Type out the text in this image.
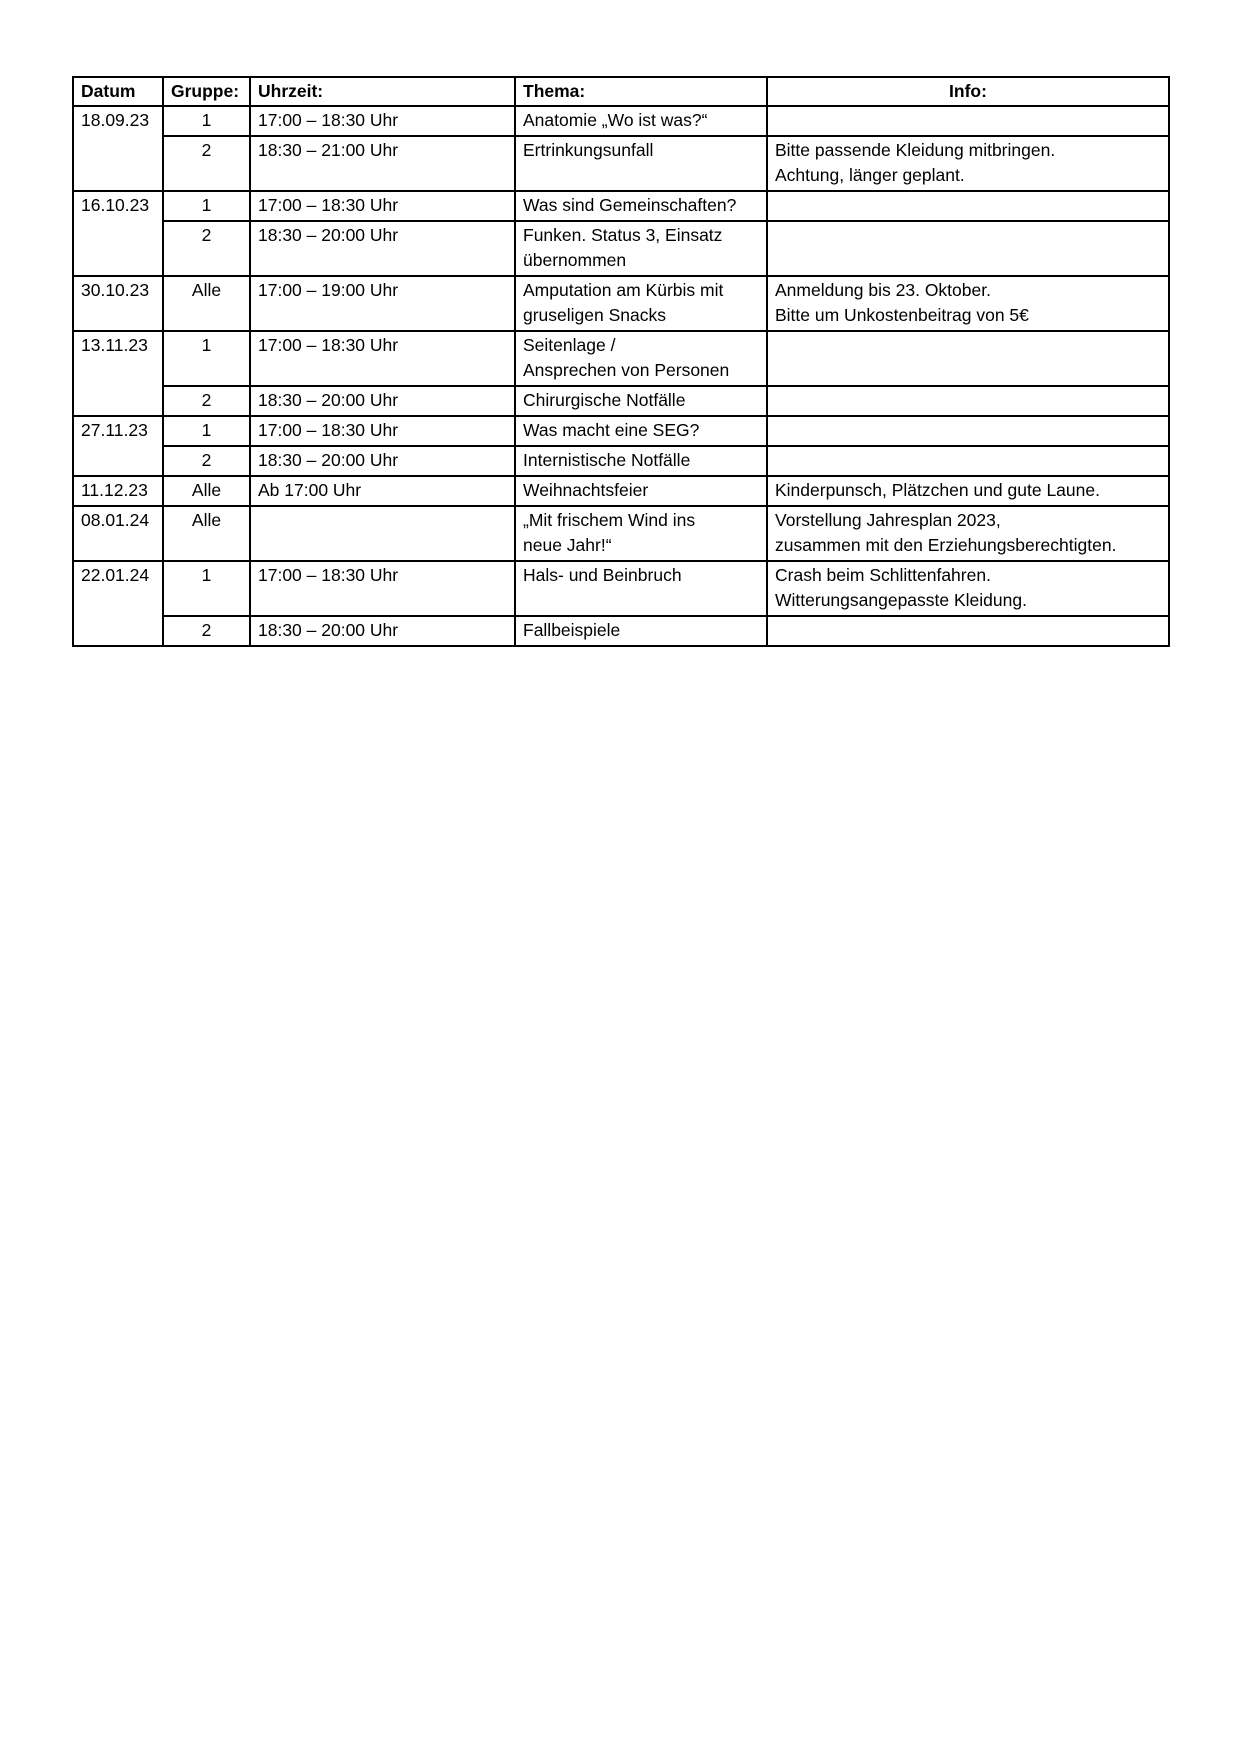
Datum	Gruppe:	Uhrzeit:	Thema:	Info:
18.09.23	1	17:00 – 18:30 Uhr	Anatomie „Wo ist was?“	

	2	18:30 – 21:00 Uhr	Ertrinkungsunfall	Bitte passende Kleidung mitbringen.
Achtung, länger geplant.

16.10.23	1	17:00 – 18:30 Uhr	Was sind Gemeinschaften?	

	2	18:30 – 20:00 Uhr	Funken. Status 3, Einsatz
übernommen	

30.10.23	Alle	17:00 – 19:00 Uhr	Amputation am Kürbis mit
gruseligen Snacks	Anmeldung bis 23. Oktober.
Bitte um Unkostenbeitrag von 5€

13.11.23	1	17:00 – 18:30 Uhr	Seitenlage /
Ansprechen von Personen	

	2	18:30 – 20:00 Uhr	Chirurgische Notfälle	

27.11.23	1	17:00 – 18:30 Uhr	Was macht eine SEG?	

	2	18:30 – 20:00 Uhr	Internistische Notfälle	

11.12.23	Alle	Ab 17:00 Uhr	Weihnachtsfeier	Kinderpunsch, Plätzchen und gute Laune.

08.01.24	Alle		„Mit frischem Wind ins
neue Jahr!“	Vorstellung Jahresplan 2023,
zusammen mit den Erziehungsberechtigten.

22.01.24	1	17:00 – 18:30 Uhr	Hals- und Beinbruch	Crash beim Schlittenfahren.
Witterungsangepasste Kleidung.

	2	18:30 – 20:00 Uhr	Fallbeispiele	
